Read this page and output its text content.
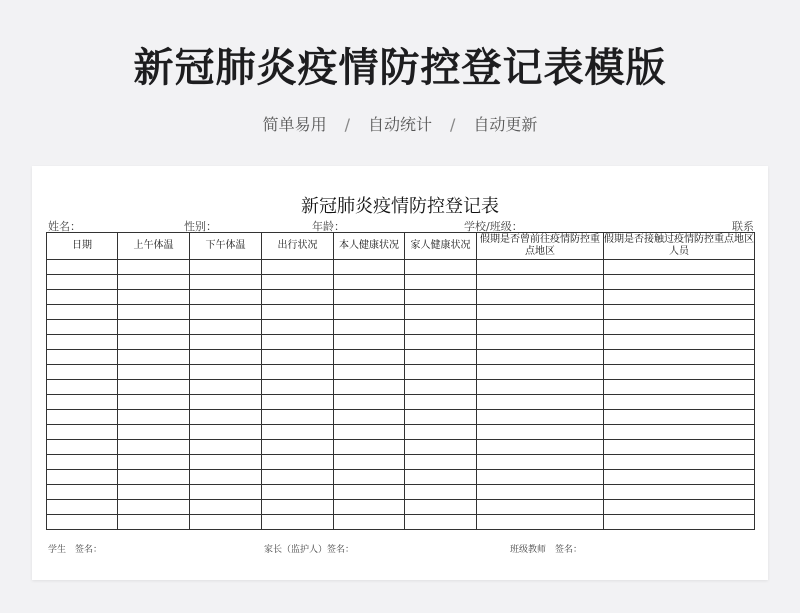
新冠肺炎疫情防控登记表模版
简单易用 / 自动统计 / 自动更新
新冠肺炎疫情防控登记表
姓名：	性别：	年龄：	学校/班级：	联系
日期	上午体温	下午体温	出行状况	本人健康状况	家人健康状况	假期是否曾前往疫情防控重点地区	假期是否接触过疫情防控重点地区人员

学生　签名：	家长（监护人）签名：	班级教师　签名：
